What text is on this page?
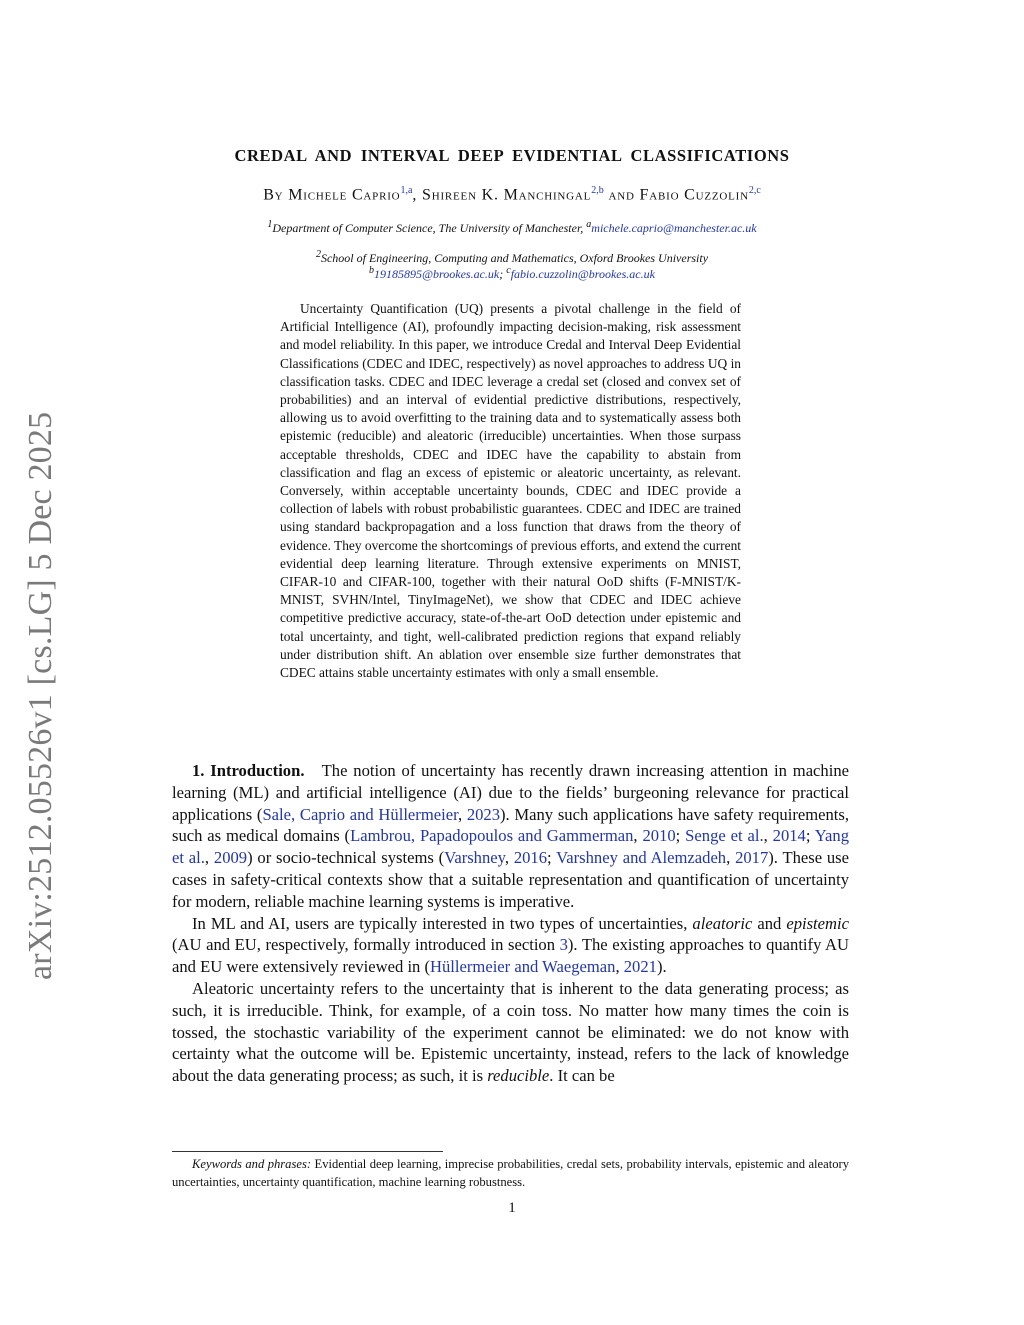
arXiv:2512.05526v1 [cs.LG] 5 Dec 2025
CREDAL AND INTERVAL DEEP EVIDENTIAL CLASSIFICATIONS
By Michele Caprio$^{1,a}$, Shireen K. Manchingal$^{2,b}$ and Fabio Cuzzolin$^{2,c}$
$^1$Department of Computer Science, The University of Manchester, $^a$michele.caprio@manchester.ac.uk
$^2$School of Engineering, Computing and Mathematics, Oxford Brookes University
$^b$19185895@brookes.ac.uk; $^c$fabio.cuzzolin@brookes.ac.uk

Uncertainty Quantification (UQ) presents a pivotal challenge in the field of Artificial Intelligence (AI), profoundly impacting decision-making, risk assessment and model reliability. In this paper, we introduce Credal and Interval Deep Evidential Classifications (CDEC and IDEC, respectively) as novel approaches to address UQ in classification tasks. CDEC and IDEC leverage a credal set (closed and convex set of probabilities) and an interval of evidential predictive distributions, respectively, allowing us to avoid overfitting to the training data and to systematically assess both epistemic (reducible) and aleatoric (irreducible) uncertainties. When those surpass acceptable thresholds, CDEC and IDEC have the capability to abstain from classification and flag an excess of epistemic or aleatoric uncertainty, as relevant. Conversely, within acceptable uncertainty bounds, CDEC and IDEC provide a collection of labels with robust probabilistic guarantees. CDEC and IDEC are trained using standard backpropagation and a loss function that draws from the theory of evidence. They overcome the shortcomings of previous efforts, and extend the current evidential deep learning literature. Through extensive experiments on MNIST, CIFAR-10 and CIFAR-100, together with their natural OoD shifts (F-MNIST/K-MNIST, SVHN/Intel, TinyImageNet), we show that CDEC and IDEC achieve competitive predictive accuracy, state-of-the-art OoD detection under epistemic and total uncertainty, and tight, well-calibrated prediction regions that expand reliably under distribution shift. An ablation over ensemble size further demonstrates that CDEC attains stable uncertainty estimates with only a small ensemble.

1. Introduction. The notion of uncertainty has recently drawn increasing attention in machine learning (ML) and artificial intelligence (AI) due to the fields’ burgeoning relevance for practical applications (Sale, Caprio and Hüllermeier, 2023). Many such applications have safety requirements, such as medical domains (Lambrou, Papadopoulos and Gammerman, 2010; Senge et al., 2014; Yang et al., 2009) or socio-technical systems (Varshney, 2016; Varshney and Alemzadeh, 2017). These use cases in safety-critical contexts show that a suitable representation and quantification of uncertainty for modern, reliable machine learning systems is imperative.

In ML and AI, users are typically interested in two types of uncertainties, aleatoric and epistemic (AU and EU, respectively, formally introduced in section 3). The existing approaches to quantify AU and EU were extensively reviewed in (Hüllermeier and Waegeman, 2021).

Aleatoric uncertainty refers to the uncertainty that is inherent to the data generating process; as such, it is irreducible. Think, for example, of a coin toss. No matter how many times the coin is tossed, the stochastic variability of the experiment cannot be eliminated: we do not know with certainty what the outcome will be. Epistemic uncertainty, instead, refers to the lack of knowledge about the data generating process; as such, it is reducible. It can be

Keywords and phrases: Evidential deep learning, imprecise probabilities, credal sets, probability intervals, epistemic and aleatory uncertainties, uncertainty quantification, machine learning robustness.

1
